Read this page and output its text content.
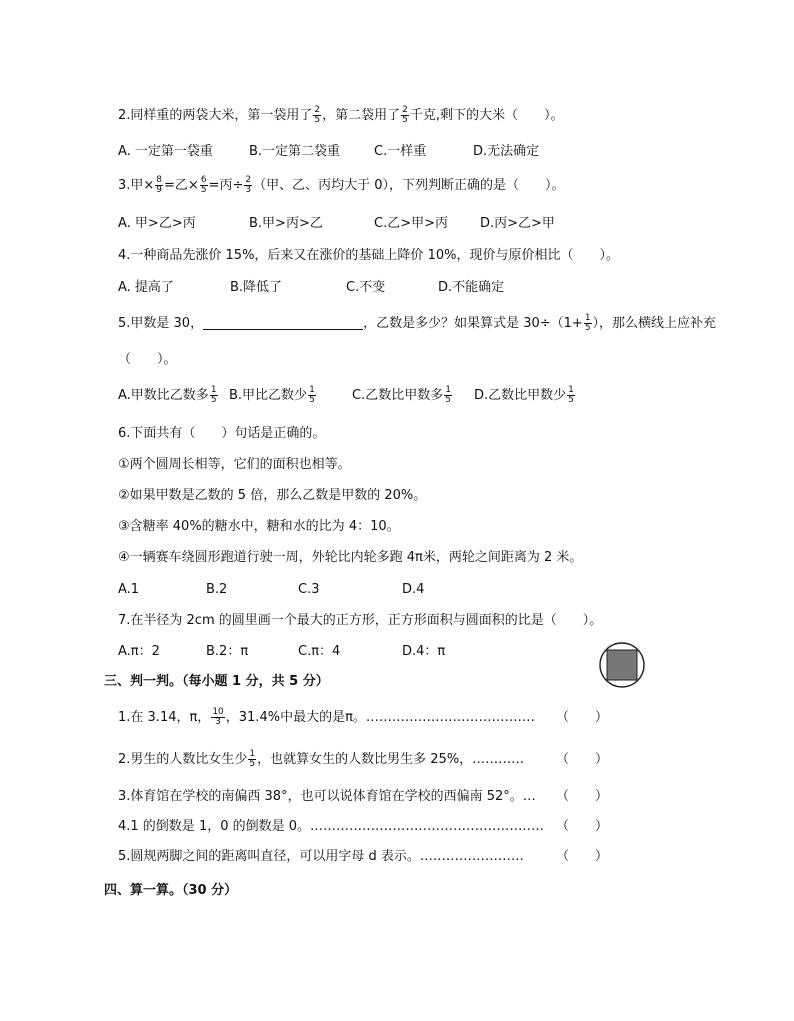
2.同样重的两袋大米，第一袋用了 $\frac{2}{5}$ ，第二袋用了 $\frac{2}{5}$ 千克,剩下的大米（　　）。
A. 一定第一袋重	B.一定第二袋重	C.一样重	D.无法确定
3.甲× $\frac{8}{9}$ =乙× $\frac{6}{5}$ =丙÷ $\frac{2}{3}$ （甲、乙、丙均大于 0），下列判断正确的是（　　）。
A. 甲>乙>丙	B.甲>丙>乙	C.乙>甲>丙 D.丙>乙>甲
4.一种商品先涨价 15%，后来又在涨价的基础上降价 10%，现价与原价相比（　　）。
A. 提高了	B.降低了	C.不变	D.不能确定
5.甲数是 30，	，乙数是多少？如果算式是 $30\div(1+ \frac{1}{5}$ ），那么横线上应补充
（　　）。
A.甲数比乙数多 $\frac{1}{5} B$.甲比乙数少 $\frac{1}{5}$	C.乙数比甲数多 $\frac{1}{5} D$.乙数比甲数少 $\frac{1}{5}$
6.下面共有（　　）句话是正确的。
①两个圆周长相等，它们的面积也相等。
②如果甲数是乙数的 5 倍，那么乙数是甲数的 20%。
③含糖率 40%的糖水中，糖和水的比为 4：10。
④一辆赛车绕圆形跑道行驶一周，外轮比内轮多跑 4π米，两轮之间距离为 2 米。
A.1	B.2	C.3	D.4
7.在半径为 2cm 的圆里画一个最大的正方形，正方形面积与圆面积的比是（　　）。
A.π：2	B.2：π	C.π：4	D.4：π
三、判一判。（每小题 1 分，共 5 分）
1.在 3.14，π， $\frac{10}{3}$ ，31.4%中最大的是π。………………………………… （　　）
2.男生的人数比女生少 $\frac{1}{5}$ ，也就算女生的人数比男生多 25%，………… （　　）
3.体育馆在学校的南偏西 38°，也可以说体育馆在学校的西偏南 52°。… （　　）
4.1 的倒数是 1，0 的倒数是 0。……………………………………………… （　　）
5.圆规两脚之间的距离叫直径，可以用字母 d 表示。…………………… （　　）
四、算一算。（30 分）
